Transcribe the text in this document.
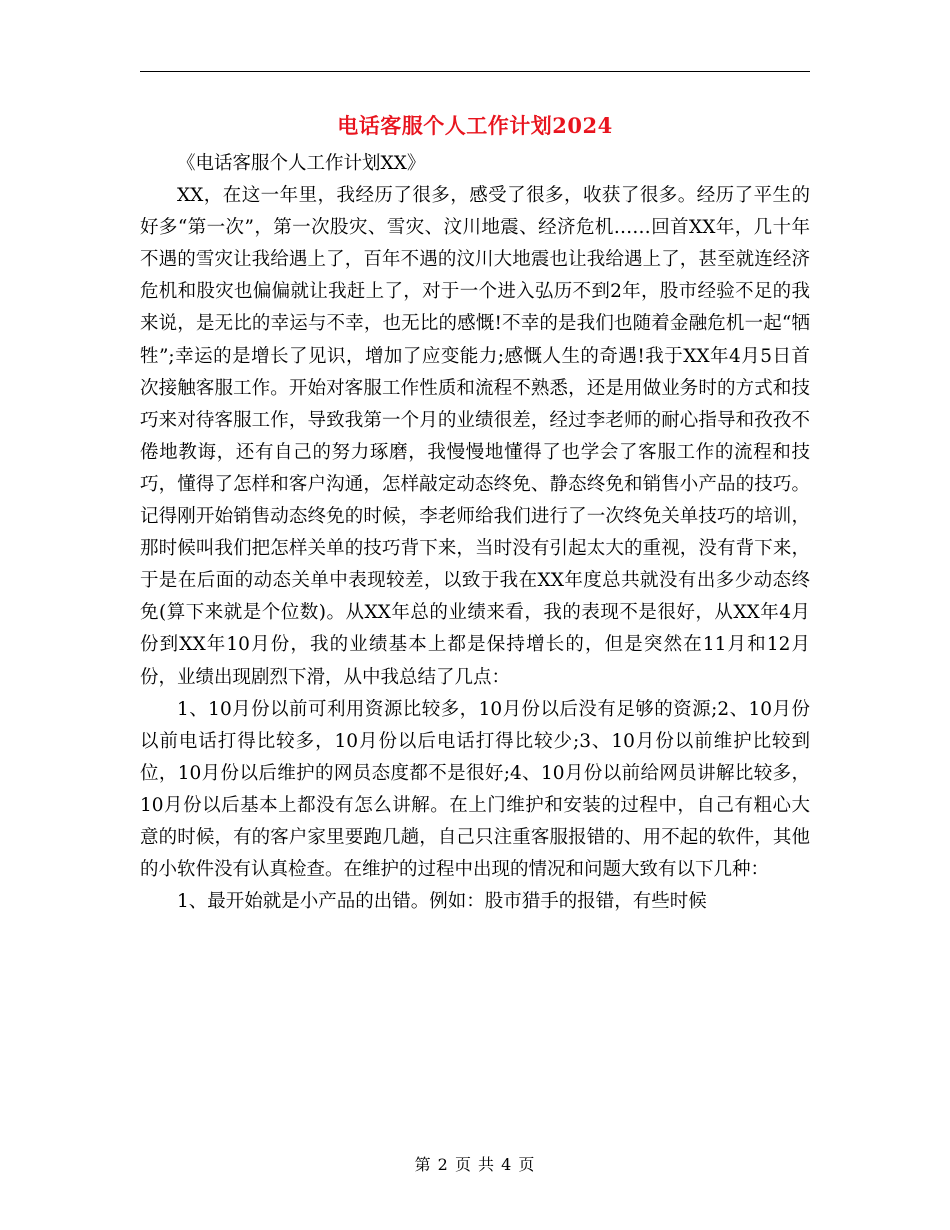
电话客服个人工作计划2024

《电话客服个人工作计划XX》

XX，在这一年里，我经历了很多，感受了很多，收获了很多。经历了平生的好多“第一次”，第一次股灾、雪灾、汶川地震、经济危机……回首XX年，几十年不遇的雪灾让我给遇上了，百年不遇的汶川大地震也让我给遇上了，甚至就连经济危机和股灾也偏偏就让我赶上了，对于一个进入弘历不到2年，股市经验不足的我来说，是无比的幸运与不幸，也无比的感慨!不幸的是我们也随着金融危机一起“牺牲”;幸运的是增长了见识，增加了应变能力;感慨人生的奇遇!我于XX年4月5日首次接触客服工作。开始对客服工作性质和流程不熟悉，还是用做业务时的方式和技巧来对待客服工作，导致我第一个月的业绩很差，经过李老师的耐心指导和孜孜不倦地教诲，还有自己的努力琢磨，我慢慢地懂得了也学会了客服工作的流程和技巧，懂得了怎样和客户沟通，怎样敲定动态终免、静态终免和销售小产品的技巧。记得刚开始销售动态终免的时候，李老师给我们进行了一次终免关单技巧的培训，那时候叫我们把怎样关单的技巧背下来，当时没有引起太大的重视，没有背下来，于是在后面的动态关单中表现较差，以致于我在XX年度总共就没有出多少动态终免(算下来就是个位数)。从XX年总的业绩来看，我的表现不是很好，从XX年4月份到XX年10月份，我的业绩基本上都是保持增长的，但是突然在11月和12月份，业绩出现剧烈下滑，从中我总结了几点：

1、10月份以前可利用资源比较多，10月份以后没有足够的资源;2、10月份以前电话打得比较多，10月份以后电话打得比较少;3、10月份以前维护比较到位，10月份以后维护的网员态度都不是很好;4、10月份以前给网员讲解比较多，10月份以后基本上都没有怎么讲解。在上门维护和安装的过程中，自己有粗心大意的时候，有的客户家里要跑几趟，自己只注重客服报错的、用不起的软件，其他的小软件没有认真检查。在维护的过程中出现的情况和问题大致有以下几种：

1、最开始就是小产品的出错。例如：股市猎手的报错，有些时候

第 2 页 共 4 页
